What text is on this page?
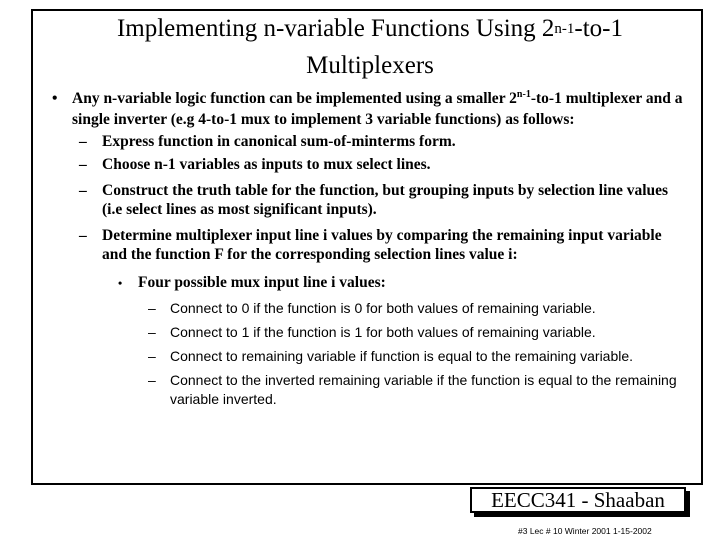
Implementing n-variable Functions Using 2$^{n-1}$-to-1
Multiplexers
• Any n-variable logic function can be implemented using a smaller 2$^{n-1}$-to-1 multiplexer and a single inverter (e.g 4-to-1 mux to implement 3 variable functions) as follows:
– Express function in canonical sum-of-minterms form.
– Choose n-1 variables as inputs to mux select lines.
– Construct the truth table for the function, but grouping inputs by selection line values (i.e select lines as most significant inputs).
– Determine multiplexer input line i values by comparing the remaining input variable and the function F for the corresponding selection lines value i:
• Four possible mux input line i values:
– Connect to 0 if the function is 0 for both values of remaining variable.
– Connect to 1 if the function is 1 for both values of remaining variable.
– Connect to remaining variable if function is equal to the remaining variable.
– Connect to the inverted remaining variable if the function is equal to the remaining variable inverted.
EECC341 - Shaaban
#3 Lec # 10 Winter 2001 1-15-2002
